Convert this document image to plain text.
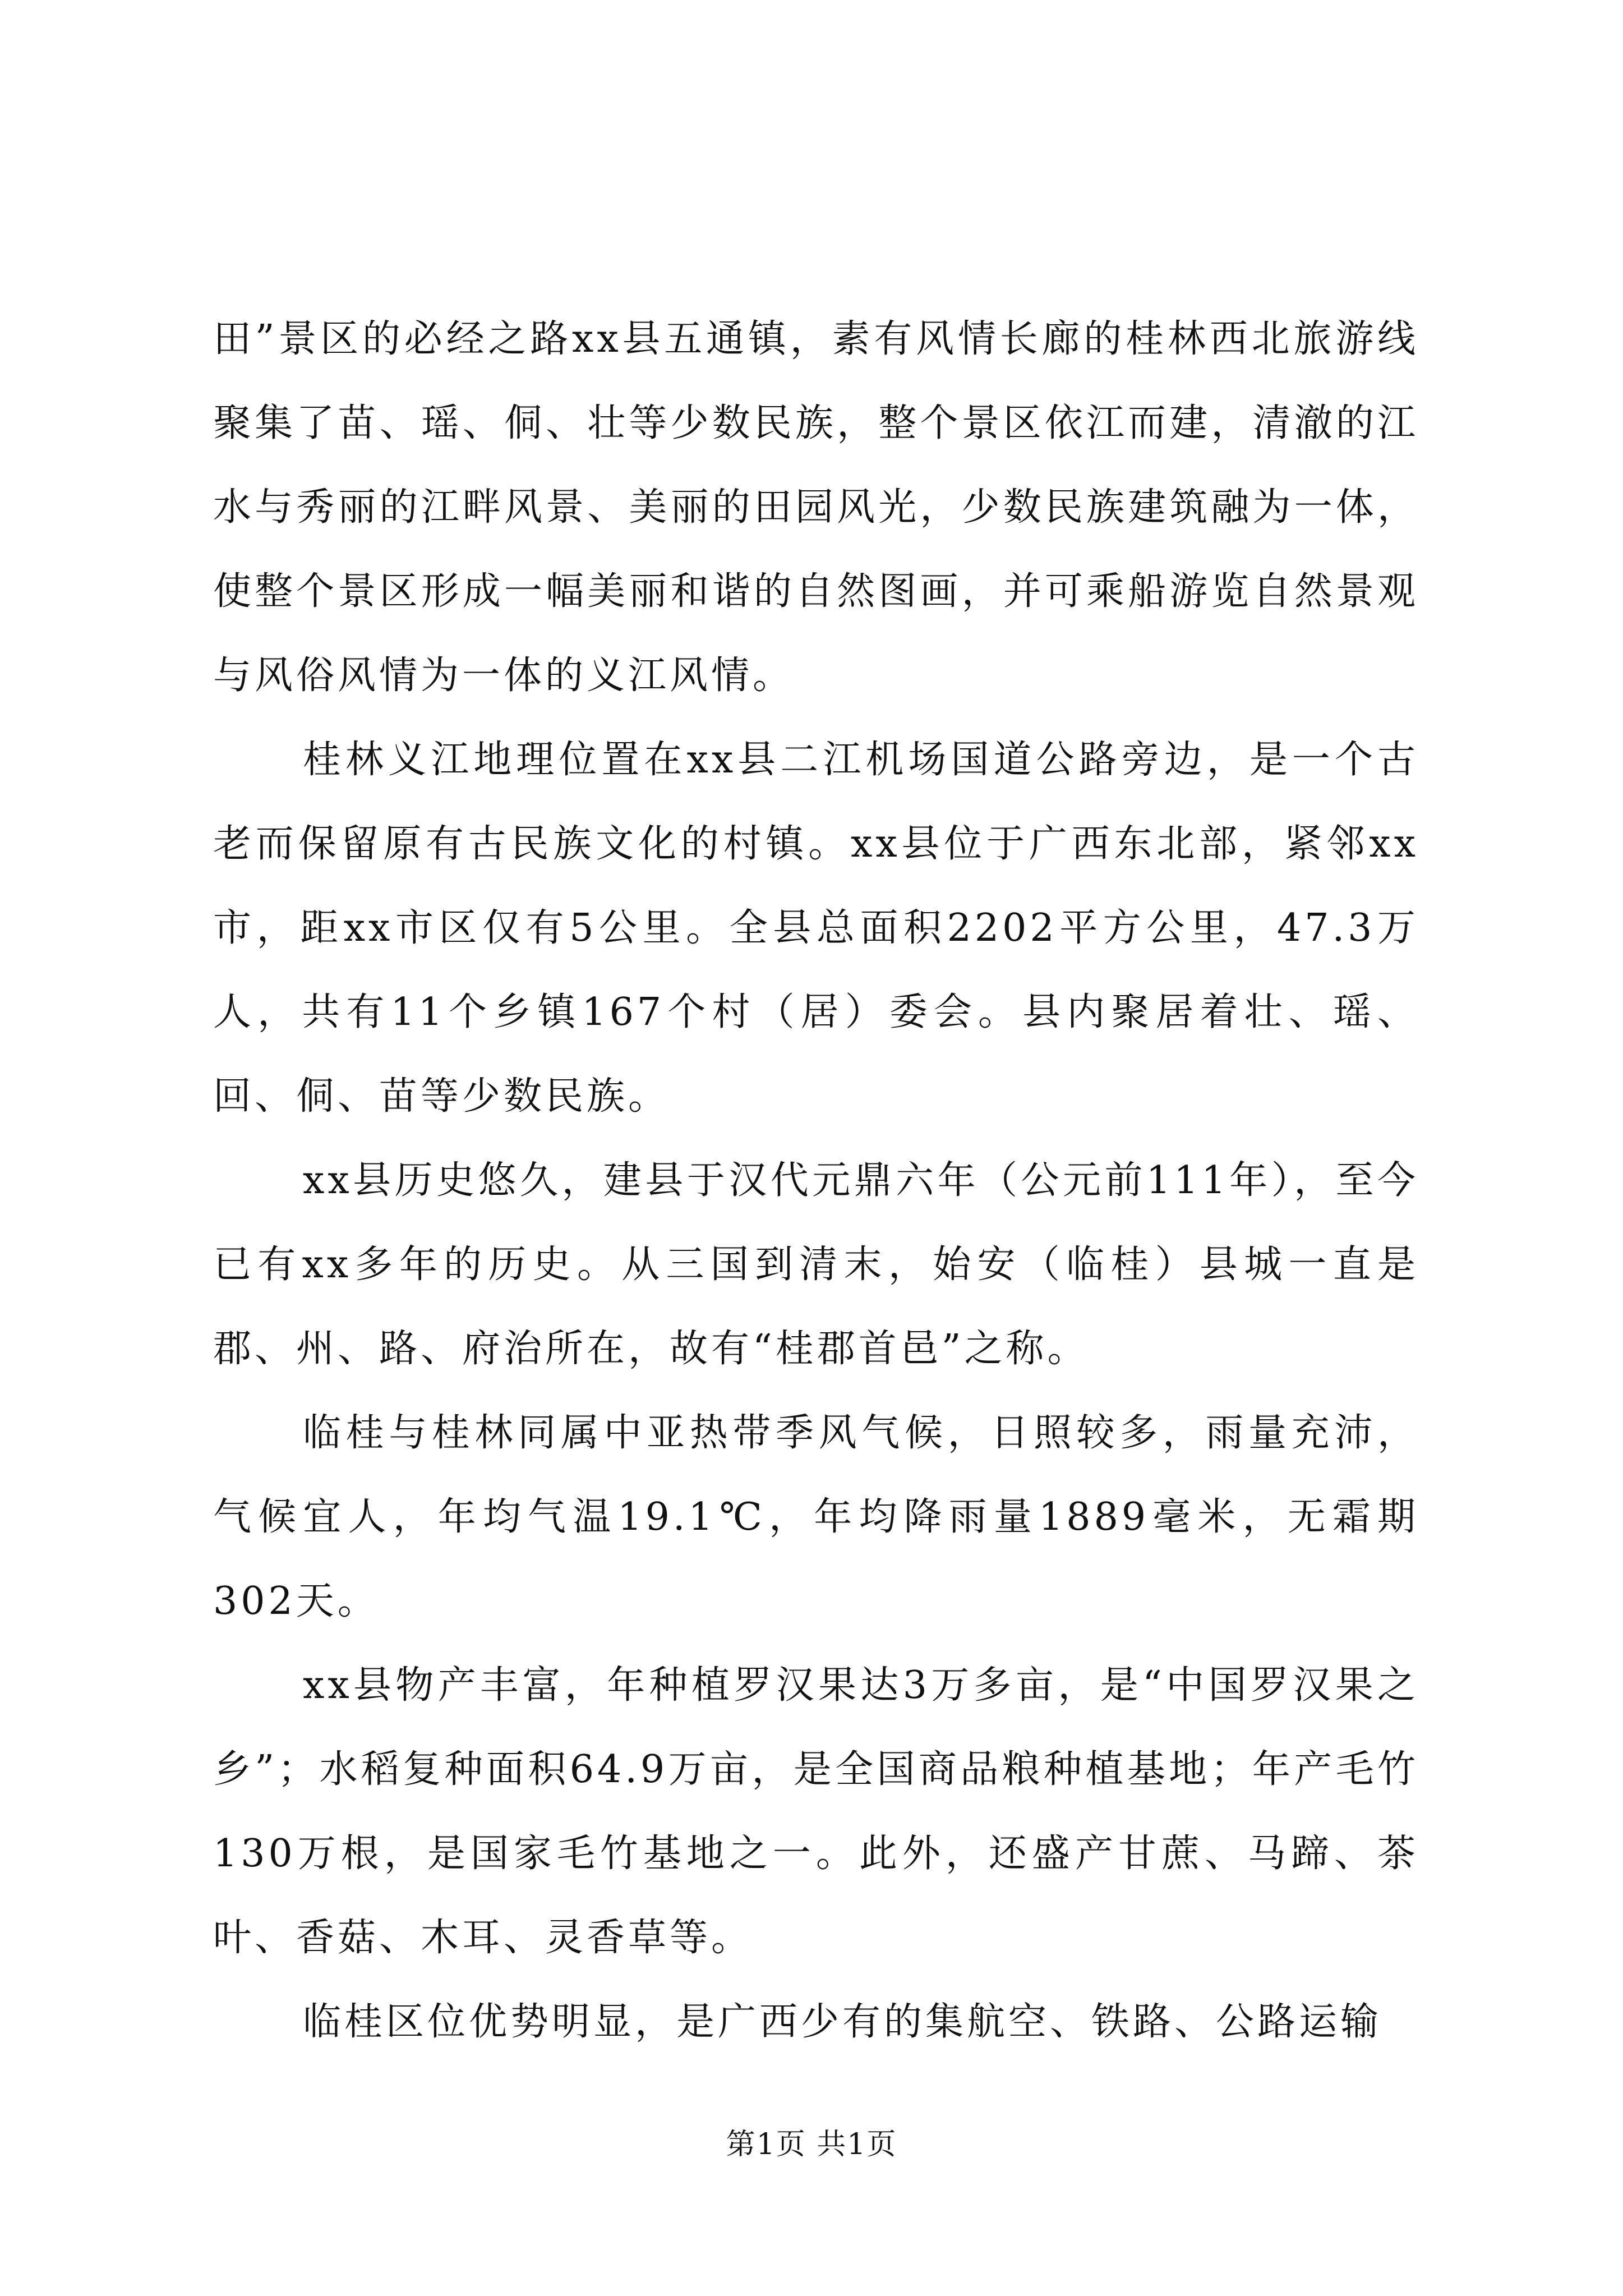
田”景区的必经之路xx县五通镇，素有风情长廊的桂林西北旅游线聚集了苗、瑶、侗、壮等少数民族，整个景区依江而建，清澈的江水与秀丽的江畔风景、美丽的田园风光，少数民族建筑融为一体，使整个景区形成一幅美丽和谐的自然图画，并可乘船游览自然景观与风俗风情为一体的义江风情。

桂林义江地理位置在xx县二江机场国道公路旁边，是一个古老而保留原有古民族文化的村镇。xx县位于广西东北部，紧邻xx市，距xx市区仅有5公里。全县总面积2202平方公里，47.3万人，共有11个乡镇167个村（居）委会。县内聚居着壮、瑶、回、侗、苗等少数民族。

xx县历史悠久，建县于汉代元鼎六年（公元前111年），至今已有xx多年的历史。从三国到清末，始安（临桂）县城一直是郡、州、路、府治所在，故有“桂郡首邑”之称。

临桂与桂林同属中亚热带季风气候，日照较多，雨量充沛，气候宜人，年均气温19.1℃，年均降雨量1889毫米，无霜期302天。

xx县物产丰富，年种植罗汉果达3万多亩，是“中国罗汉果之乡”；水稻复种面积64.9万亩，是全国商品粮种植基地；年产毛竹130万根，是国家毛竹基地之一。此外，还盛产甘蔗、马蹄、茶叶、香菇、木耳、灵香草等。

临桂区位优势明显，是广西少有的集航空、铁路、公路运输

第1页 共1页
